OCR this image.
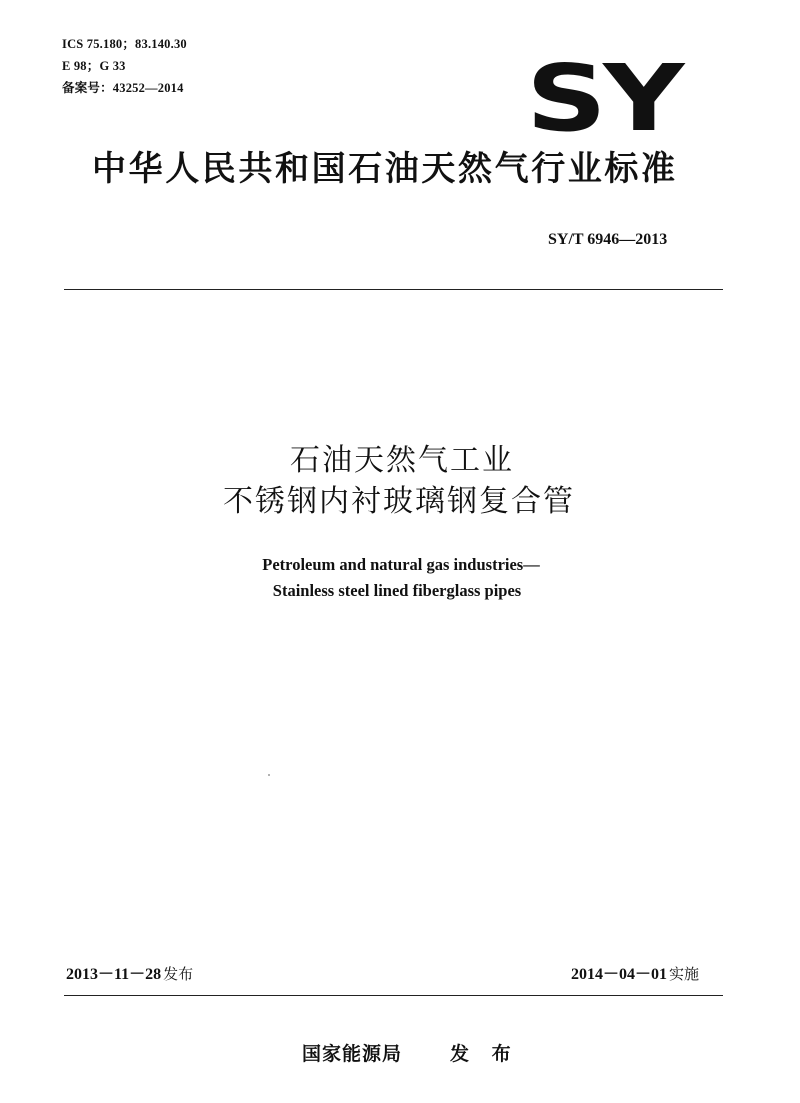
ICS 75.180；83.140.30
E 98；G 33
备案号：43252—2014	SY
中华人民共和国石油天然气行业标准
SY/T 6946—2013
石油天然气工业
不锈钢内衬玻璃钢复合管
Petroleum and natural gas industries—
Stainless steel lined fiberglass pipes
2013－11－28 发布	2014－04－01 实施
国家能源局	发 布
